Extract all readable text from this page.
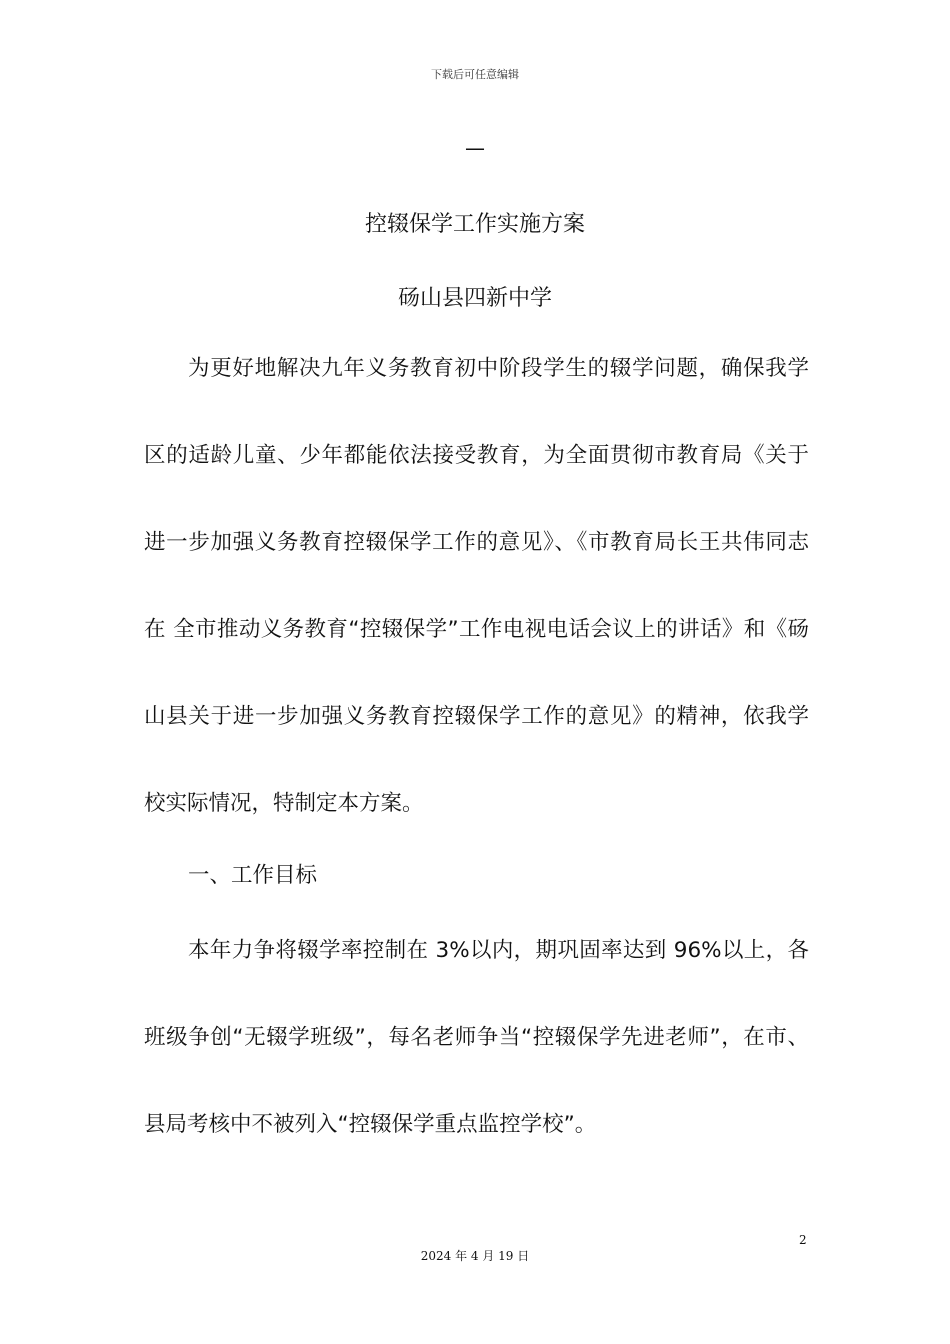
下载后可任意编辑
—
控辍保学工作实施方案
砀山县四新中学

为更好地解决九年义务教育初中阶段学生的辍学问题，确保我学区的适龄儿童、少年都能依法接受教育，为全面贯彻市教育局《关于进一步加强义务教育控辍保学工作的意见》、《市教育局长王共伟同志在 全市推动义务教育“控辍保学”工作电视电话会议上的讲话》和《砀山县关于进一步加强义务教育控辍保学工作的意见》的精神，依我学校实际情况，特制定本方案。

一、工作目标

本年力争将辍学率控制在 3%以内，期巩固率达到 96%以上，各班级争创“无辍学班级”，每名老师争当“控辍保学先进老师”，在市、县局考核中不被列入“控辍保学重点监控学校”。

2
2024 年 4 月 19 日
